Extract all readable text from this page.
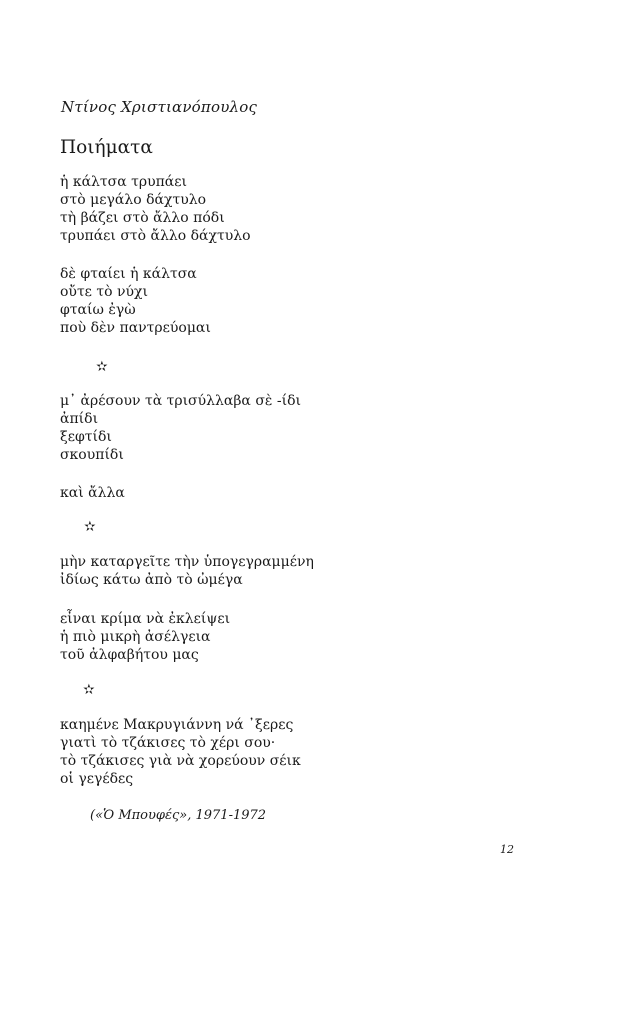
Ντίνος Χριστιανόπουλος
Ποιήματα
ἡ κάλτσα τρυπάει
στὸ μεγάλο δάχτυλο
τὴ βάζει στὸ ἄλλο πόδι
τρυπάει στὸ ἄλλο δάχτυλο
δὲ φταίει ἡ κάλτσα
οὔτε τὸ νύχι
φταίω ἐγὼ
ποὺ δὲν παντρεύομαι
✫
μ᾽ ἀρέσουν τὰ τρισύλλαβα σὲ -ίδι
ἀπίδι
ξεφτίδι
σκουπίδι
καὶ ἄλλα
✫
μὴν καταργεῖτε τὴν ὑπογεγραμμένη
ἰδίως κάτω ἀπὸ τὸ ὠμέγα
εἶναι κρίμα νὰ ἐκλείψει
ἡ πιὸ μικρὴ ἀσέλγεια
τοῦ ἀλφαβήτου μας
✫
καημένε Μακρυγιάννη νά ᾽ξερες
γιατὶ τὸ τζάκισες τὸ χέρι σου·
τὸ τζάκισες γιὰ νὰ χορεύουν σέικ
οἱ γεγέδες
(«Ὁ Μπουφές», 1971-1972
12
